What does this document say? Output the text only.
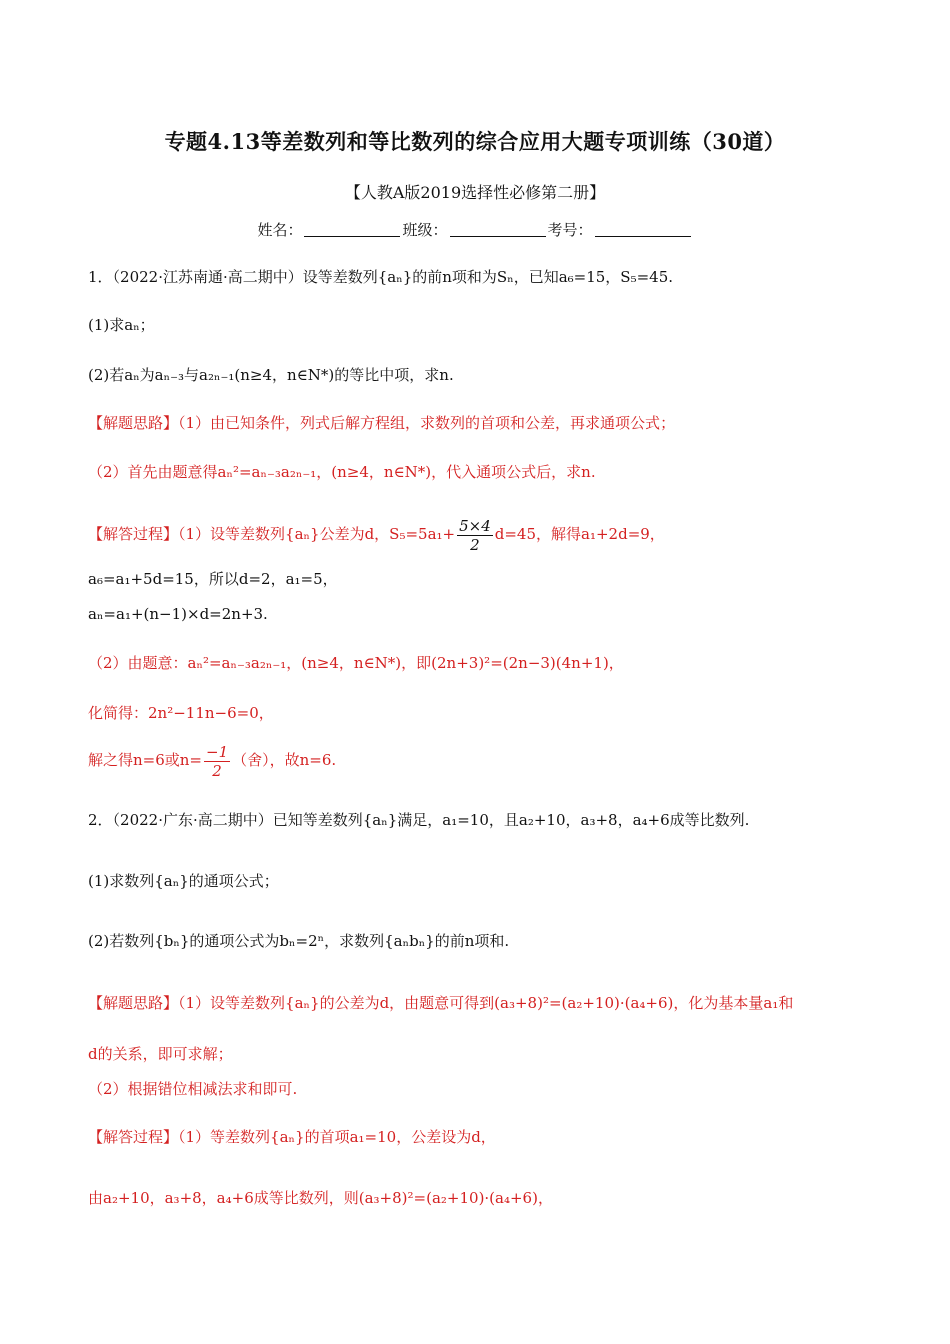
专题4.13等差数列和等比数列的综合应用大题专项训练（30道）
【人教A版2019选择性必修第二册】
姓名：	班级：	考号：
1．（2022·江苏南通·高二期中）设等差数列{aₙ}的前n项和为Sₙ，已知a₆=15，S₅=45.
(1)求aₙ；
(2)若aₙ为aₙ₋₃与a₂ₙ₋₁(n≥4，n∈N*)的等比中项，求n.
【解题思路】（1）由已知条件，列式后解方程组，求数列的首项和公差，再求通项公式；
（2）首先由题意得aₙ²=aₙ₋₃a₂ₙ₋₁，(n≥4，n∈N*)，代入通项公式后，求n.
【解答过程】（1）设等差数列{aₙ}公差为d，$S_5=5a_1+ \frac{5\times 4}{2} d=45$，解得a₁+2d=9，
a₆=a₁+5d=15，所以d=2，a₁=5，
aₙ=a₁+(n−1)×d=2n+3.
（2）由题意：aₙ²=aₙ₋₃a₂ₙ₋₁，(n≥4，n∈N*)，即(2n+3)²=(2n−3)(4n+1)，
化简得：2n²−11n−6=0，
解之得n=6或$n= \frac{-1}{2}$ （舍），故n=6.
2．（2022·广东·高二期中）已知等差数列{aₙ}满足，a₁=10，且a₂+10，a₃+8，a₄+6成等比数列.
(1)求数列{aₙ}的通项公式；
(2)若数列{bₙ}的通项公式为bₙ=2ⁿ，求数列{aₙbₙ}的前n项和.
【解题思路】（1）设等差数列{aₙ}的公差为d，由题意可得到(a₃+8)²=(a₂+10)·(a₄+6)，化为基本量a₁和
d的关系，即可求解；
（2）根据错位相减法求和即可.
【解答过程】（1）等差数列{aₙ}的首项a₁=10，公差设为d，
由a₂+10，a₃+8，a₄+6成等比数列，则(a₃+8)²=(a₂+10)·(a₄+6)，
